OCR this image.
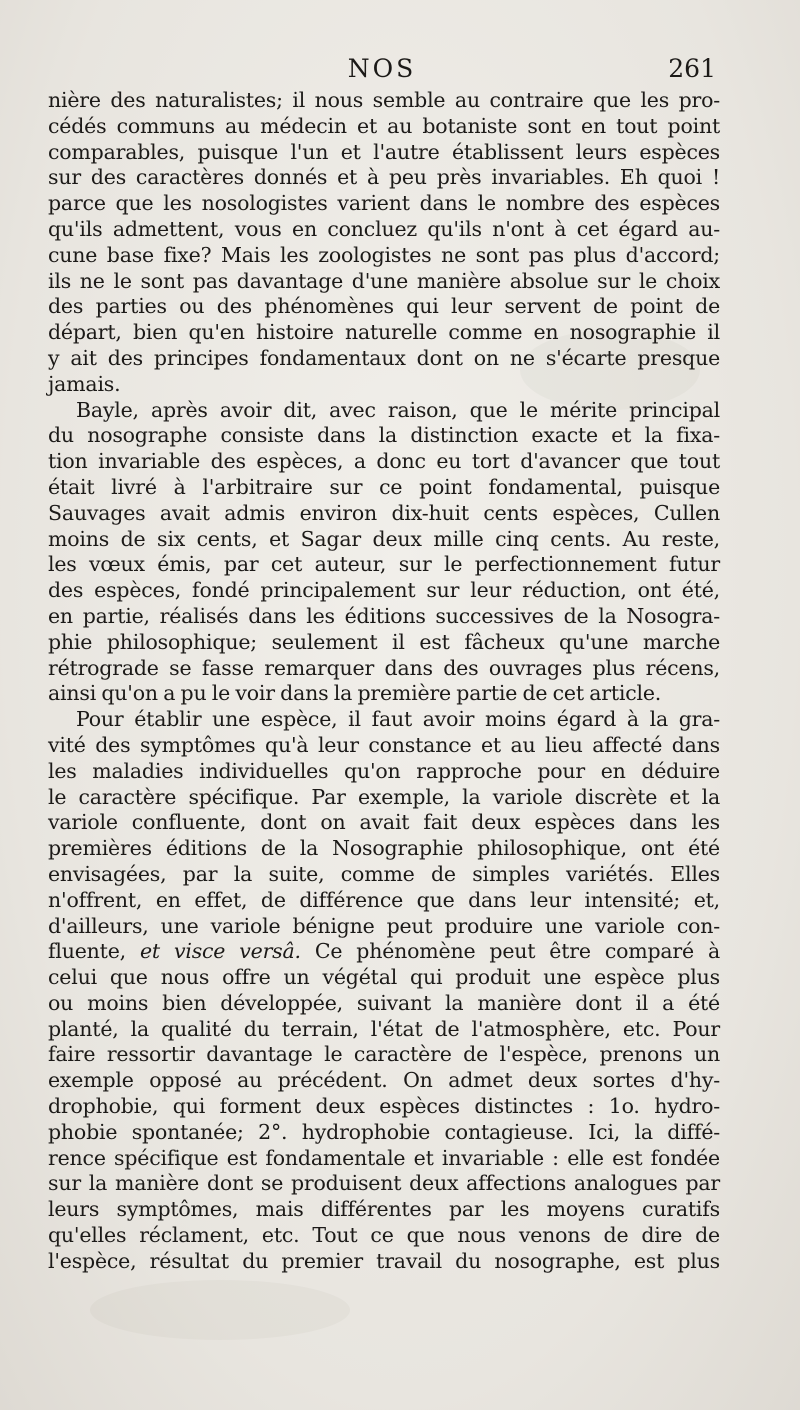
NOS	261
nière des naturalistes; il nous semble au contraire que les pro-
cédés communs au médecin et au botaniste sont en tout point
comparables, puisque l'un et l'autre établissent leurs espèces
sur des caractères donnés et à peu près invariables. Eh quoi !
parce que les nosologistes varient dans le nombre des espèces
qu'ils admettent, vous en concluez qu'ils n'ont à cet égard au-
cune base fixe? Mais les zoologistes ne sont pas plus d'accord;
ils ne le sont pas davantage d'une manière absolue sur le choix
des parties ou des phénomènes qui leur servent de point de
départ, bien qu'en histoire naturelle comme en nosographie il
y ait des principes fondamentaux dont on ne s'écarte presque
jamais.
Bayle, après avoir dit, avec raison, que le mérite principal
du nosographe consiste dans la distinction exacte et la fixa-
tion invariable des espèces, a donc eu tort d'avancer que tout
était livré à l'arbitraire sur ce point fondamental, puisque
Sauvages avait admis environ dix-huit cents espèces, Cullen
moins de six cents, et Sagar deux mille cinq cents. Au reste,
les vœux émis, par cet auteur, sur le perfectionnement futur
des espèces, fondé principalement sur leur réduction, ont été,
en partie, réalisés dans les éditions successives de la Nosogra-
phie philosophique; seulement il est fâcheux qu'une marche
rétrograde se fasse remarquer dans des ouvrages plus récens,
ainsi qu'on a pu le voir dans la première partie de cet article.
Pour établir une espèce, il faut avoir moins égard à la gra-
vité des symptômes qu'à leur constance et au lieu affecté dans
les maladies individuelles qu'on rapproche pour en déduire
le caractère spécifique. Par exemple, la variole discrète et la
variole confluente, dont on avait fait deux espèces dans les
premières éditions de la Nosographie philosophique, ont été
envisagées, par la suite, comme de simples variétés. Elles
n'offrent, en effet, de différence que dans leur intensité; et,
d'ailleurs, une variole bénigne peut produire une variole con-
fluente, et visce versâ. Ce phénomène peut être comparé à
celui que nous offre un végétal qui produit une espèce plus
ou moins bien développée, suivant la manière dont il a été
planté, la qualité du terrain, l'état de l'atmosphère, etc. Pour
faire ressortir davantage le caractère de l'espèce, prenons un
exemple opposé au précédent. On admet deux sortes d'hy-
drophobie, qui forment deux espèces distinctes : 1o. hydro-
phobie spontanée; 2°. hydrophobie contagieuse. Ici, la diffé-
rence spécifique est fondamentale et invariable : elle est fondée
sur la manière dont se produisent deux affections analogues par
leurs symptômes, mais différentes par les moyens curatifs
qu'elles réclament, etc. Tout ce que nous venons de dire de
l'espèce, résultat du premier travail du nosographe, est plus
